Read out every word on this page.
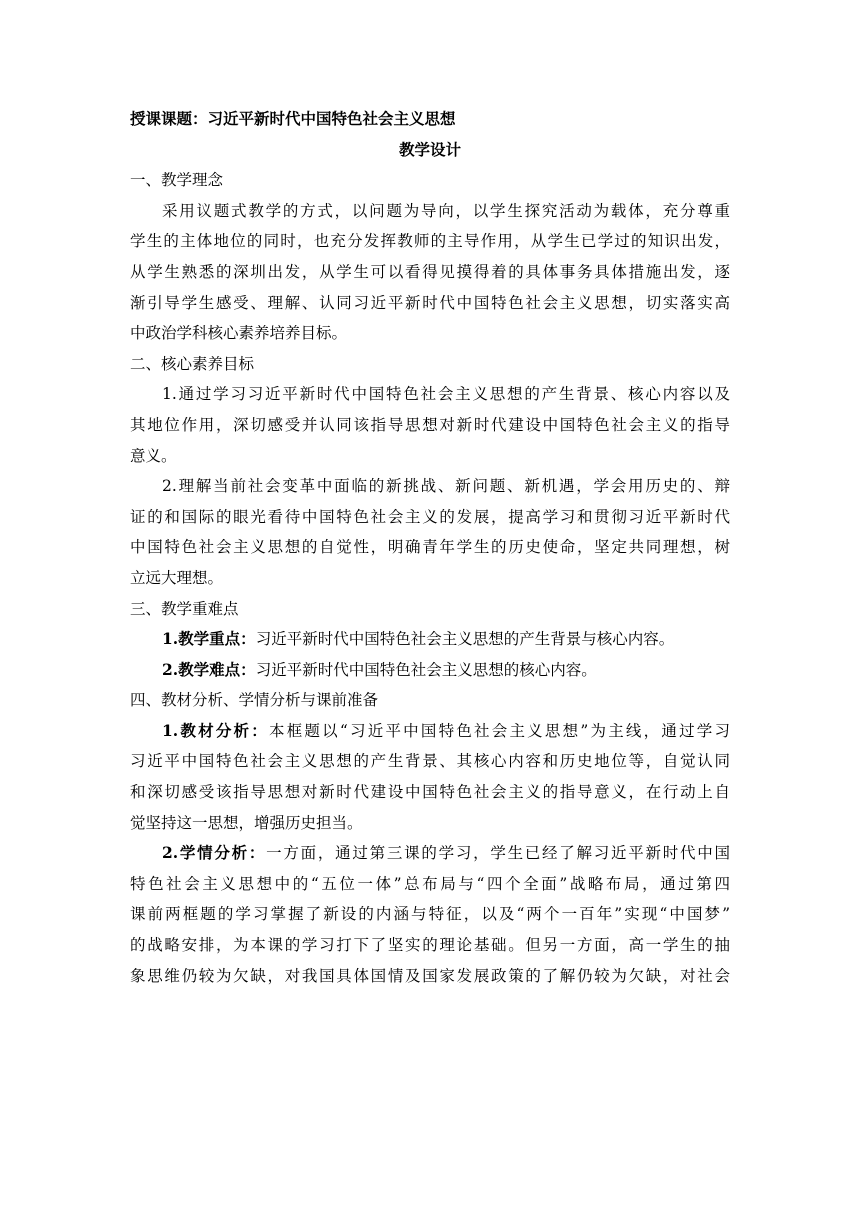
授课课题：习近平新时代中国特色社会主义思想
教学设计
一、教学理念
采用议题式教学的方式，以问题为导向，以学生探究活动为载体，充分尊重
学生的主体地位的同时，也充分发挥教师的主导作用，从学生已学过的知识出发，
从学生熟悉的深圳出发，从学生可以看得见摸得着的具体事务具体措施出发，逐
渐引导学生感受、理解、认同习近平新时代中国特色社会主义思想，切实落实高
中政治学科核心素养培养目标。
二、核心素养目标
1.通过学习习近平新时代中国特色社会主义思想的产生背景、核心内容以及
其地位作用，深切感受并认同该指导思想对新时代建设中国特色社会主义的指导
意义。
2.理解当前社会变革中面临的新挑战、新问题、新机遇，学会用历史的、辩
证的和国际的眼光看待中国特色社会主义的发展，提高学习和贯彻习近平新时代
中国特色社会主义思想的自觉性，明确青年学生的历史使命，坚定共同理想，树
立远大理想。
三、教学重难点
1.教学重点：习近平新时代中国特色社会主义思想的产生背景与核心内容。
2.教学难点：习近平新时代中国特色社会主义思想的核心内容。
四、教材分析、学情分析与课前准备
1.教材分析：本框题以“习近平中国特色社会主义思想”为主线，通过学习
习近平中国特色社会主义思想的产生背景、其核心内容和历史地位等，自觉认同
和深切感受该指导思想对新时代建设中国特色社会主义的指导意义，在行动上自
觉坚持这一思想，增强历史担当。
2.学情分析：一方面，通过第三课的学习，学生已经了解习近平新时代中国
特色社会主义思想中的“五位一体”总布局与“四个全面”战略布局，通过第四
课前两框题的学习掌握了新设的内涵与特征，以及“两个一百年”实现“中国梦”
的战略安排，为本课的学习打下了坚实的理论基础。但另一方面，高一学生的抽
象思维仍较为欠缺，对我国具体国情及国家发展政策的了解仍较为欠缺，对社会
